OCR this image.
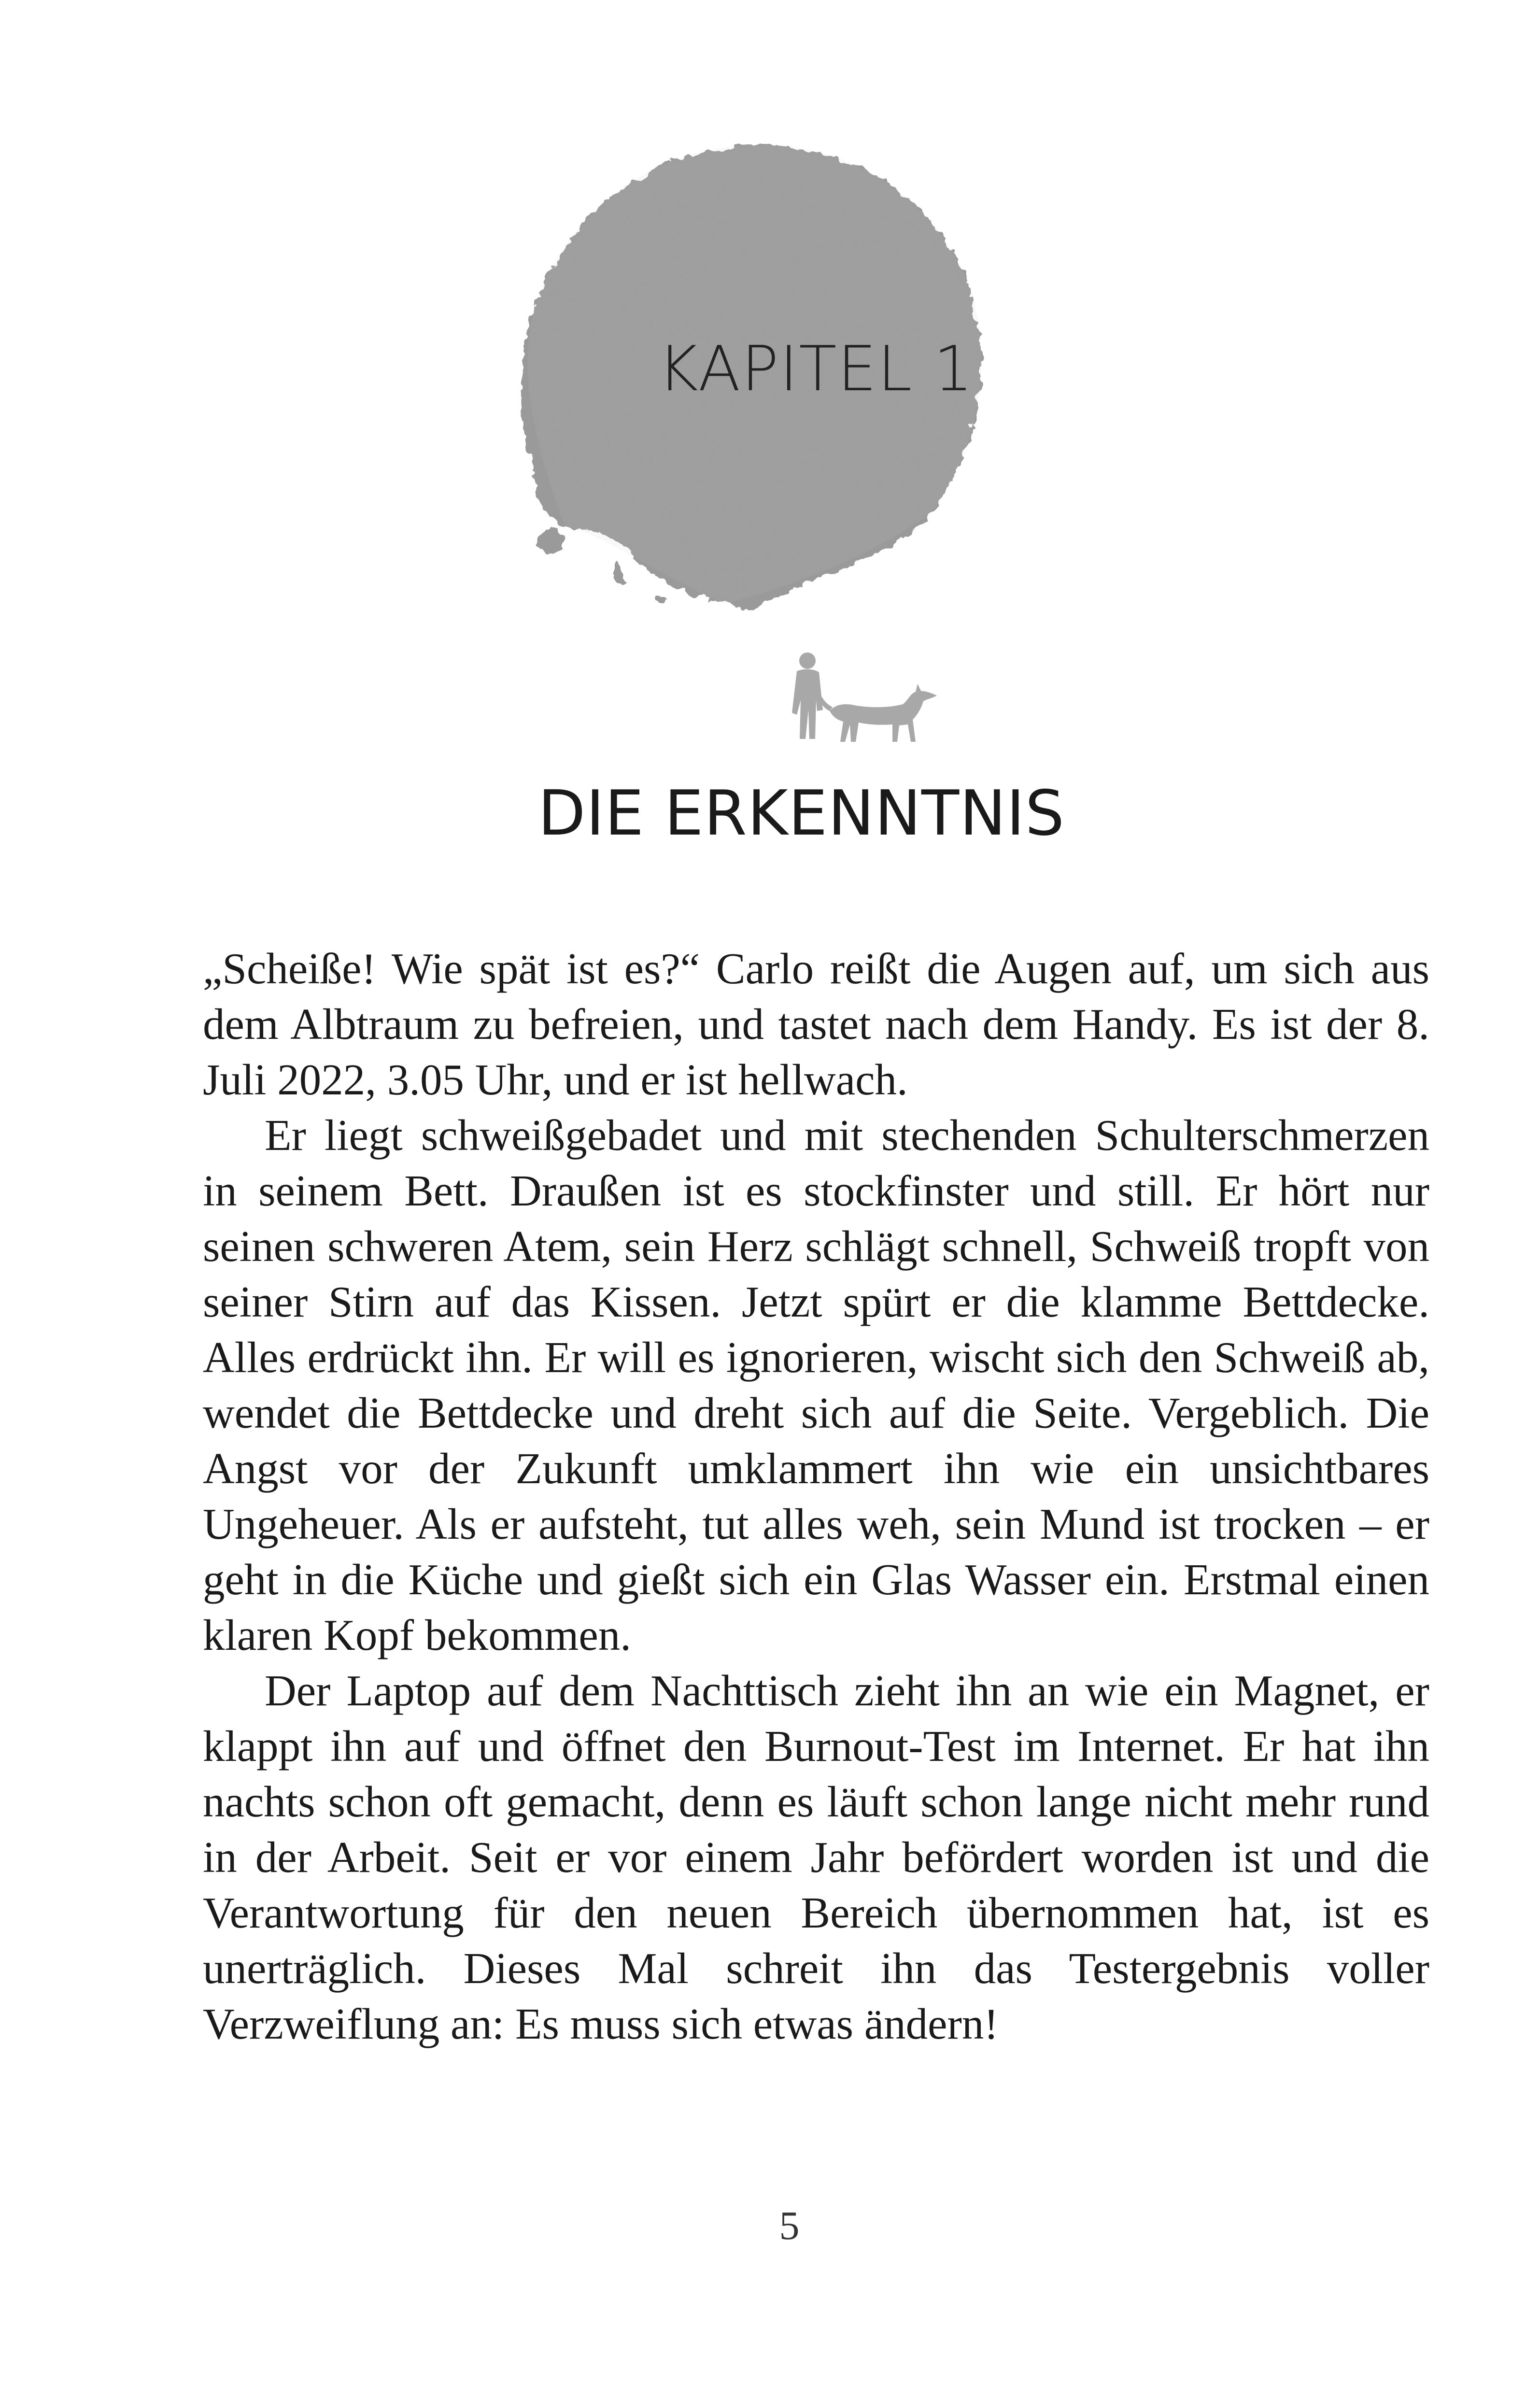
KAPITEL 1
DIE ERKENNTNIS

„Scheiße! Wie spät ist es?“ Carlo reißt die Augen auf, um sich aus dem Albtraum zu befreien, und tastet nach dem Handy. Es ist der 8. Juli 2022, 3.05 Uhr, und er ist hellwach.

Er liegt schweißgebadet und mit stechenden Schulterschmerzen in seinem Bett. Draußen ist es stockfinster und still. Er hört nur seinen schweren Atem, sein Herz schlägt schnell, Schweiß tropft von seiner Stirn auf das Kissen. Jetzt spürt er die klamme Bettdecke. Alles erdrückt ihn. Er will es ignorieren, wischt sich den Schweiß ab, wendet die Bettdecke und dreht sich auf die Seite. Vergeblich. Die Angst vor der Zukunft umklammert ihn wie ein unsichtbares Ungeheuer. Als er aufsteht, tut alles weh, sein Mund ist trocken – er geht in die Küche und gießt sich ein Glas Wasser ein. Erstmal einen klaren Kopf bekommen.

Der Laptop auf dem Nachttisch zieht ihn an wie ein Magnet, er klappt ihn auf und öffnet den Burnout-Test im Internet. Er hat ihn nachts schon oft gemacht, denn es läuft schon lange nicht mehr rund in der Arbeit. Seit er vor einem Jahr befördert worden ist und die Verantwortung für den neuen Bereich übernommen hat, ist es unerträglich. Dieses Mal schreit ihn das Testergebnis voller Verzweiflung an: Es muss sich etwas ändern!

5
